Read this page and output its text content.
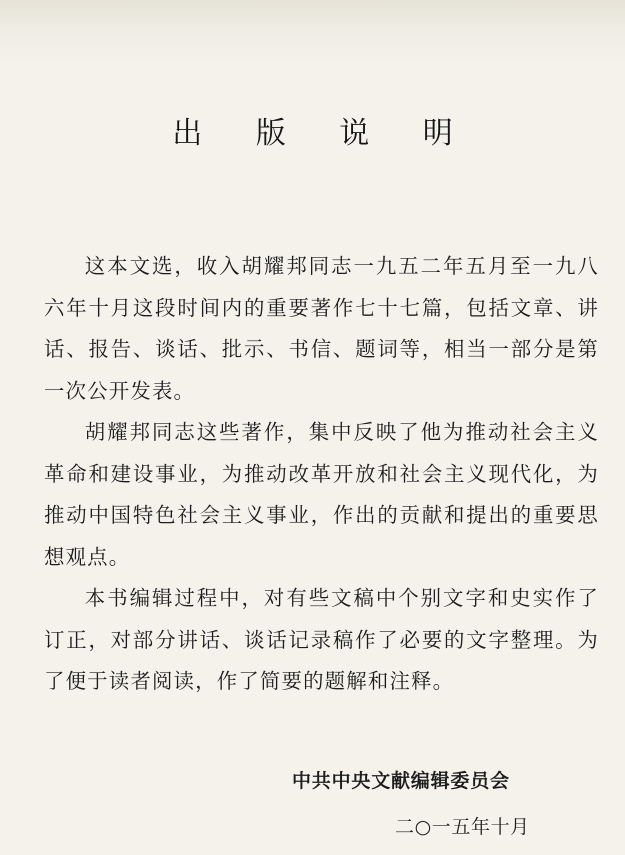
出 版 说 明

这本文选，收入胡耀邦同志一九五二年五月至一九八六年十月这段时间内的重要著作七十七篇，包括文章、讲话、报告、谈话、批示、书信、题词等，相当一部分是第一次公开发表。

胡耀邦同志这些著作，集中反映了他为推动社会主义革命和建设事业，为推动改革开放和社会主义现代化，为推动中国特色社会主义事业，作出的贡献和提出的重要思想观点。

本书编辑过程中，对有些文稿中个别文字和史实作了订正，对部分讲话、谈话记录稿作了必要的文字整理。为了便于读者阅读，作了简要的题解和注释。

中共中央文献编辑委员会
二○一五年十月
